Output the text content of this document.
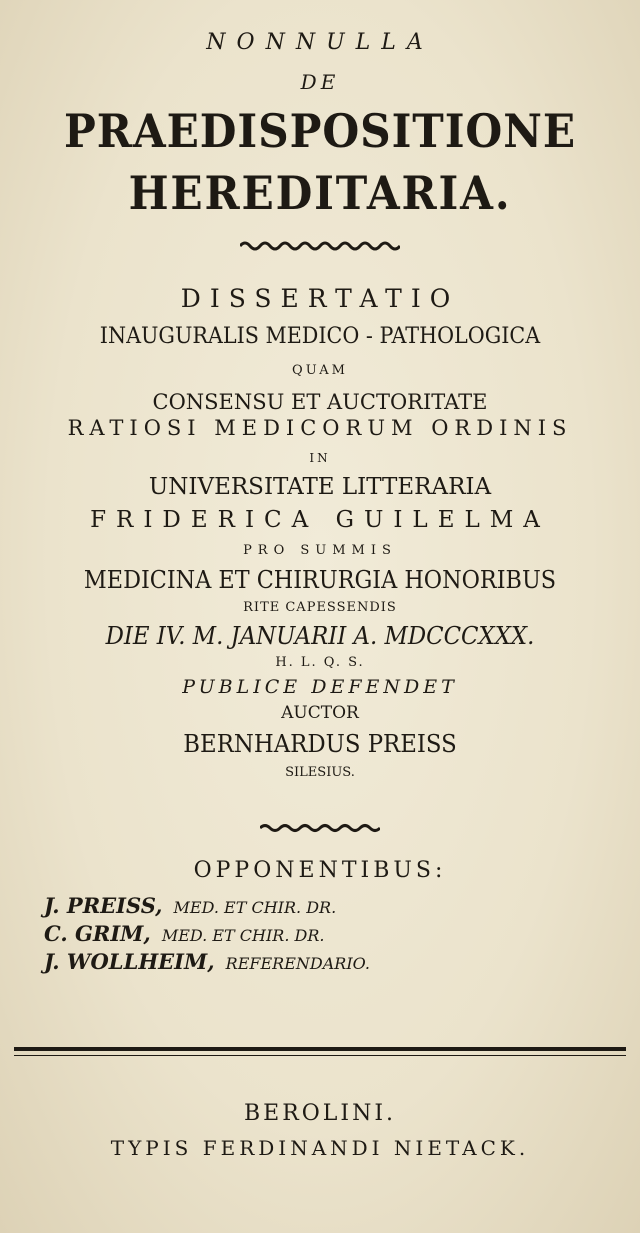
NONNULLA

DE

PRAEDISPOSITIONE

HEREDITARIA.

DISSERTATIO

INAUGURALIS MEDICO - PATHOLOGICA

QUAM

CONSENSU ET AUCTORITATE

RATIOSI MEDICORUM ORDINIS

IN

UNIVERSITATE LITTERARIA

FRIDERICA GUILELMA

PRO SUMMIS

MEDICINA ET CHIRURGIA HONORIBUS

RITE CAPESSENDIS

DIE IV. M. JANUARII A. MDCCCXXX.

H. L. Q. S.

PUBLICE DEFENDET

AUCTOR

BERNHARDUS PREISS

SILESIUS.

OPPONENTIBUS:

J. PREISS, MED. ET CHIR. DR.

C. GRIM, MED. ET CHIR. DR.

J. WOLLHEIM, REFERENDARIO.

BEROLINI.

TYPIS FERDINANDI NIETACK.
